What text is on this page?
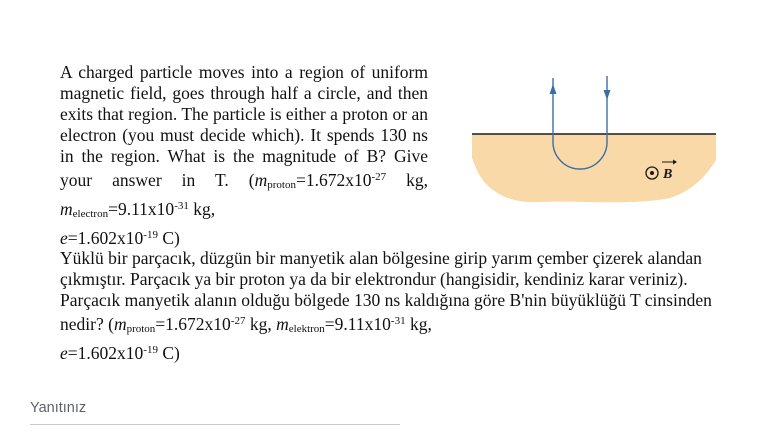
A charged particle moves into a region of uniform magnetic field, goes through half a circle, and then exits that region. The particle is either a proton or an electron (you must decide which). It spends 130 ns in the region. What is the magnitude of B? Give your answer in T. ($mproton=1.672x10^{-27}$ kg, $melectron=9.11x10^{-31}$ kg,
$e=1.602x10^{-19}$ C)

B

Yüklü bir parçacık, düzgün bir manyetik alan bölgesine girip yarım çember çizerek alandan çıkmıştır. Parçacık ya bir proton ya da bir elektrondur (hangisidir, kendiniz karar veriniz). Parçacık manyetik alanın olduğu bölgede 130 ns kaldığına göre B'nin büyüklüğü T cinsinden nedir? ($mproton=1.672x10^{-27}$ kg, $melektron=9.11x10^{-31}$ kg,
$e=1.602x10^{-19}$ C)

Yanıtınız
